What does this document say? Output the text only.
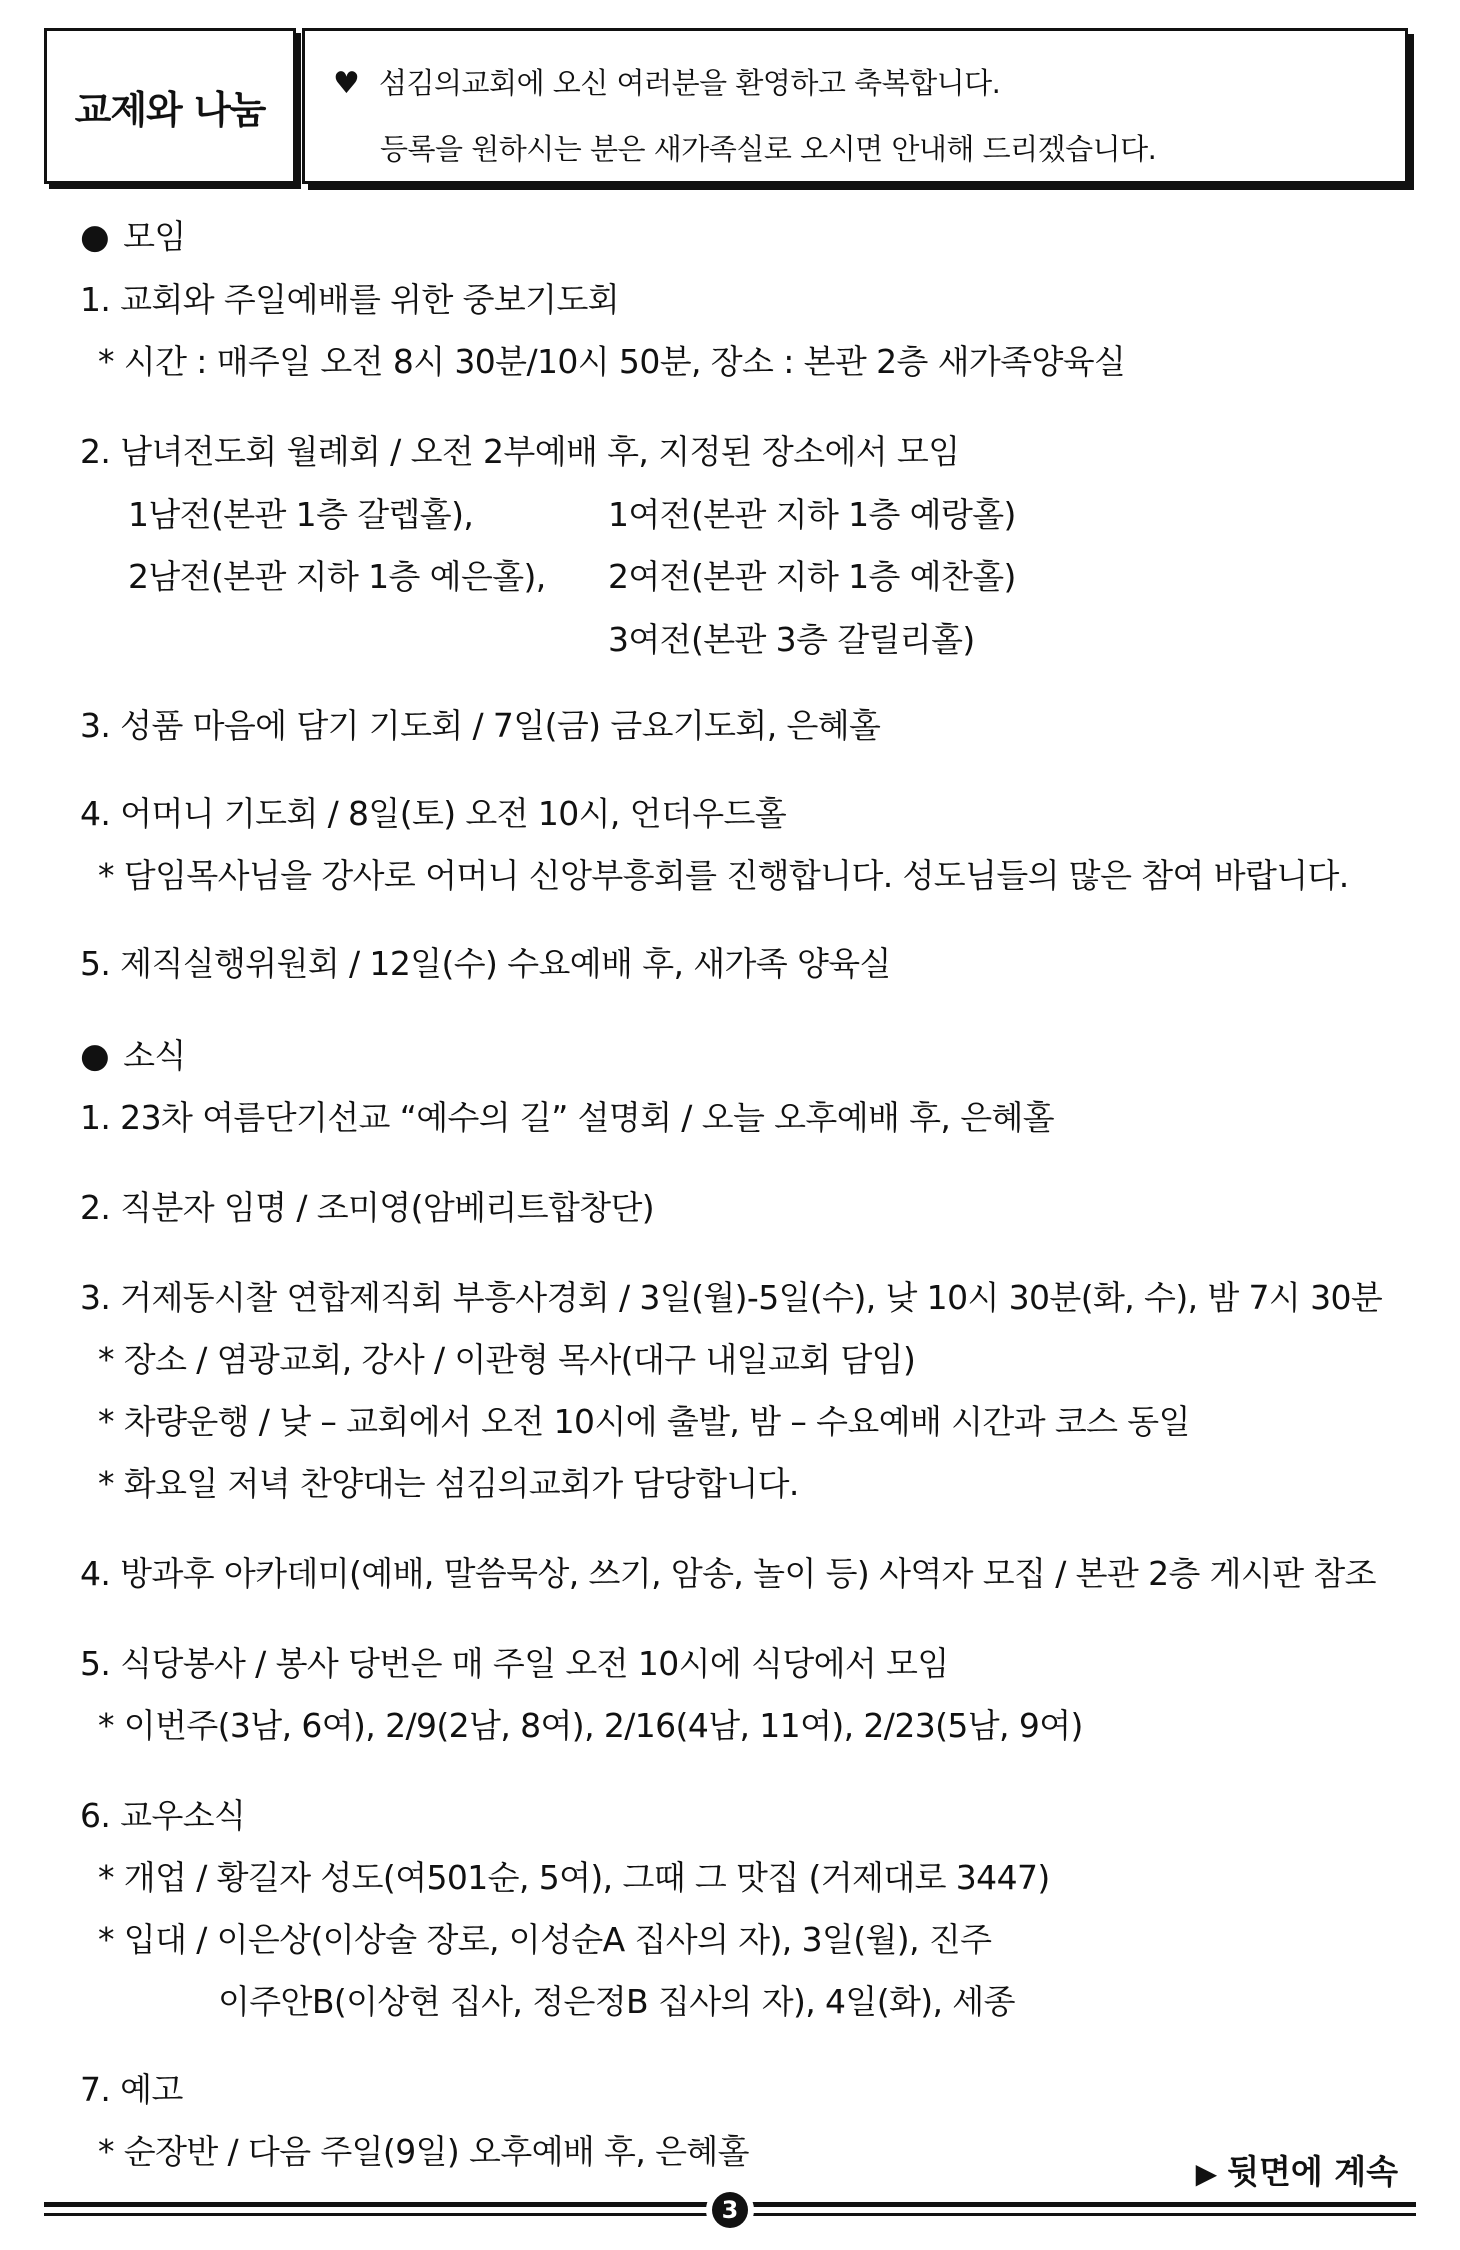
교제와 나눔
♥ 섬김의교회에 오신 여러분을 환영하고 축복합니다.
등록을 원하시는 분은 새가족실로 오시면 안내해 드리겠습니다.
● 모임
1. 교회와 주일예배를 위한 중보기도회
* 시간 : 매주일 오전 8시 30분/10시 50분, 장소 : 본관 2층 새가족양육실
2. 남녀전도회 월례회 / 오전 2부예배 후, 지정된 장소에서 모임
1남전(본관 1층 갈렙홀),	1여전(본관 지하 1층 예랑홀)
2남전(본관 지하 1층 예은홀), 2여전(본관 지하 1층 예찬홀)
3여전(본관 3층 갈릴리홀)
3. 성품 마음에 담기 기도회 / 7일(금) 금요기도회, 은혜홀
4. 어머니 기도회 / 8일(토) 오전 10시, 언더우드홀
* 담임목사님을 강사로 어머니 신앙부흥회를 진행합니다. 성도님들의 많은 참여 바랍니다.
5. 제직실행위원회 / 12일(수) 수요예배 후, 새가족 양육실
● 소식
1. 23차 여름단기선교 “예수의 길” 설명회 / 오늘 오후예배 후, 은혜홀
2. 직분자 임명 / 조미영(암베리트합창단)
3. 거제동시찰 연합제직회 부흥사경회 / 3일(월)-5일(수), 낮 10시 30분(화, 수), 밤 7시 30분
* 장소 / 염광교회, 강사 / 이관형 목사(대구 내일교회 담임)
* 차량운행 / 낮 – 교회에서 오전 10시에 출발, 밤 – 수요예배 시간과 코스 동일
* 화요일 저녁 찬양대는 섬김의교회가 담당합니다.
4. 방과후 아카데미(예배, 말씀묵상, 쓰기, 암송, 놀이 등) 사역자 모집 / 본관 2층 게시판 참조
5. 식당봉사 / 봉사 당번은 매 주일 오전 10시에 식당에서 모임
* 이번주(3남, 6여), 2/9(2남, 8여), 2/16(4남, 11여), 2/23(5남, 9여)
6. 교우소식
* 개업 / 황길자 성도(여501순, 5여), 그때 그 맛집 (거제대로 3447)
* 입대 / 이은상(이상술 장로, 이성순A 집사의 자), 3일(월), 진주
이주안B(이상현 집사, 정은정B 집사의 자), 4일(화), 세종
7. 예고
* 순장반 / 다음 주일(9일) 오후예배 후, 은혜홀
▶ 뒷면에 계속
3
